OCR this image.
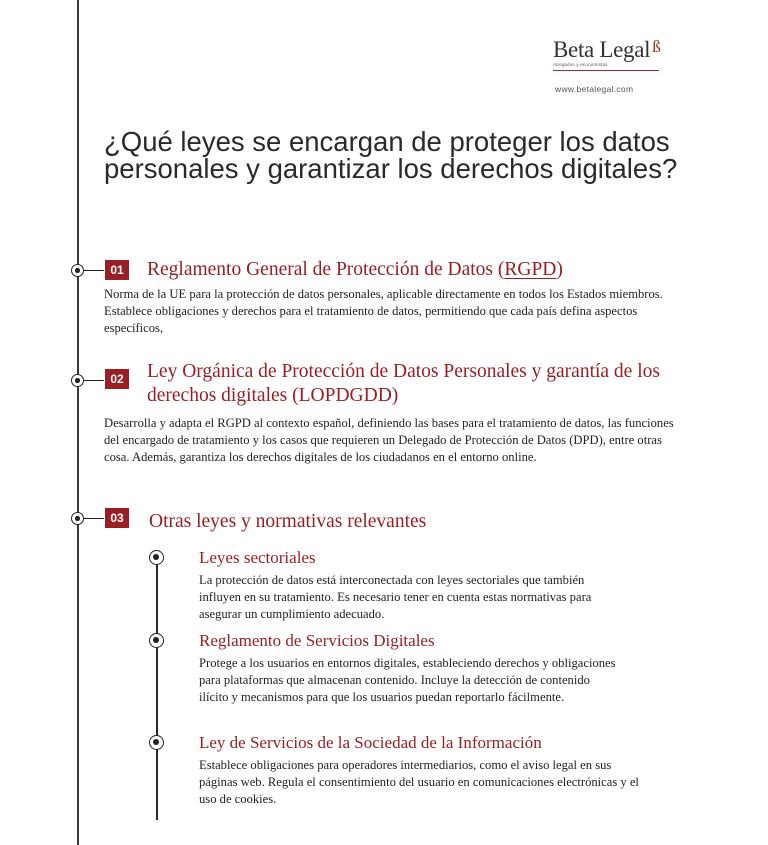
Beta Legal $^ß$
Abogados y economistas
www.betalegal.com
¿Qué leyes se encargan de proteger los datos personales y garantizar los derechos digitales?
01 Reglamento General de Protección de Datos (RGPD)

Norma de la UE para la protección de datos personales, aplicable directamente en todos los Estados miembros. Establece obligaciones y derechos para el tratamiento de datos, permitiendo que cada país defina aspectos específicos,

02 Ley Orgánica de Protección de Datos Personales y garantía de los derechos digitales (LOPDGDD)

Desarrolla y adapta el RGPD al contexto español, definiendo las bases para el tratamiento de datos, las funciones del encargado de tratamiento y los casos que requieren un Delegado de Protección de Datos (DPD), entre otras cosa. Además, garantiza los derechos digitales de los ciudadanos en el entorno online.

03 Otras leyes y normativas relevantes
Leyes sectoriales

La protección de datos está interconectada con leyes sectoriales que también influyen en su tratamiento. Es necesario tener en cuenta estas normativas para asegurar un cumplimiento adecuado.

Reglamento de Servicios Digitales

Protege a los usuarios en entornos digitales, estableciendo derechos y obligaciones para plataformas que almacenan contenido. Incluye la detección de contenido ilícito y mecanismos para que los usuarios puedan reportarlo fácilmente.

Ley de Servicios de la Sociedad de la Información

Establece obligaciones para operadores intermediarios, como el aviso legal en sus páginas web. Regula el consentimiento del usuario en comunicaciones electrónicas y el uso de cookies.
